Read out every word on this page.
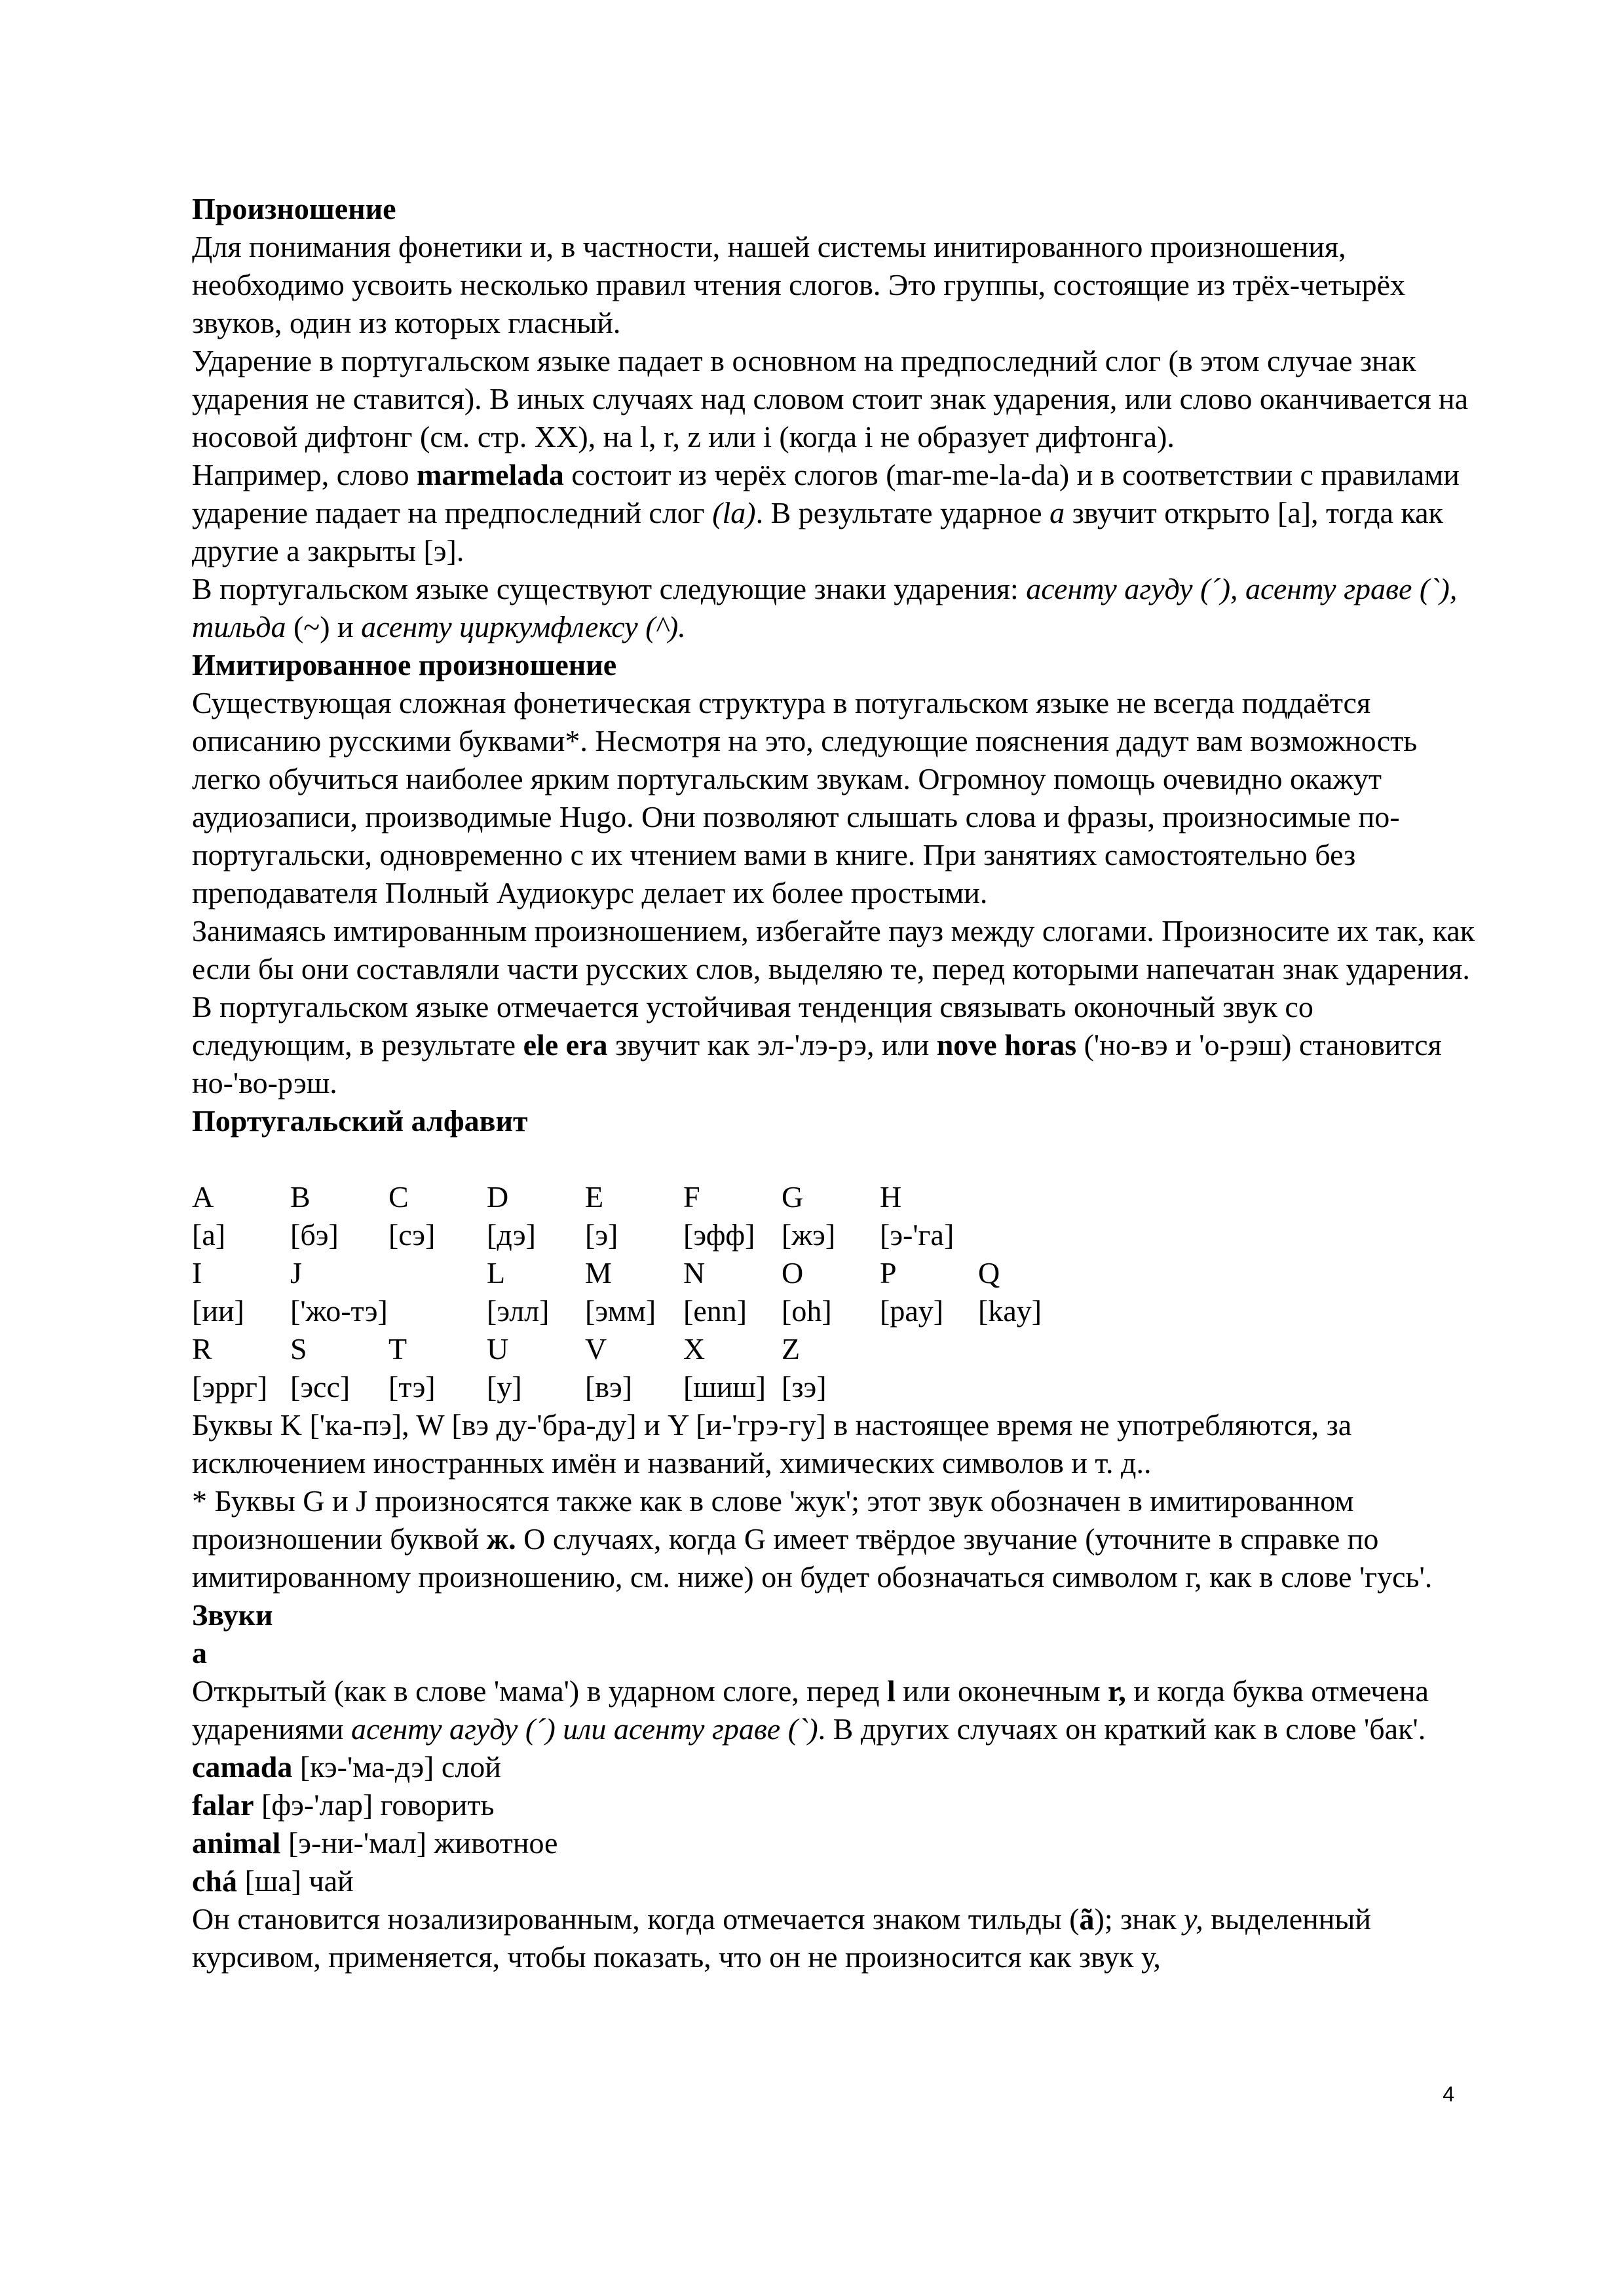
Произношение

Для понимания фонетики и, в частности, нашей системы инитированного произношения, необходимо усвоить несколько правил чтения слогов. Это группы, состоящие из трёх-четырёх звуков, один из которых гласный.

Ударение в португальском языке падает в основном на предпоследний слог (в этом случае знак ударения не ставится). В иных случаях над словом стоит знак ударения, или слово оканчивается на носовой дифтонг (см. стр. XX), на l, r, z или i (когда i не образует дифтонга).

Например, слово marmelada состоит из черёх слогов (mar-me-la-da) и в соответствии с правилами ударение падает на предпоследний слог (la). В результате ударное a звучит открыто [а], тогда как другие а закрыты [э].

В португальском языке существуют следующие знаки ударения: асенту агуду (´), асенту граве (`), тильда (~) и асенту циркумфлексу (^).

Имитированное произношение

Существующая сложная фонетическая структура в потугальском языке не всегда поддаётся описанию русскими буквами*. Несмотря на это, следующие пояснения дадут вам возможность легко обучиться наиболее ярким португальским звукам. Огромноу помощь очевидно окажут аудиозаписи, производимые Hugo. Они позволяют слышать слова и фразы, произносимые по-португальски, одновременно с их чтением вами в книге. При занятиях самостоятельно без преподавателя Полный Аудиокурс делает их более простыми.

Занимаясь имтированным произношением, избегайте пауз между слогами. Произносите их так, как если бы они составляли части русских слов, выделяю те, перед которыми напечатан знак ударения. В португальском языке отмечается устойчивая тенденция связывать оконочный звук со следующим, в результате ele era звучит как эл-'лэ-рэ, или nove horas ('но-вэ и 'о-рэш) становится но-'во-рэш.

Португальский алфавит

A	B	C	D	E	F	G	H	
[а]	[бэ]	[сэ]	[дэ]	[э]	[эфф]	[жэ]	[э-'га]	
I	J		L	M	N	O	P	Q
[ии]	['жо-тэ]		[элл]	[эмм]	[enn]	[oh]	[pay]	[kay]
R	S	T	U	V	X	Z		
[эррг]	[эсс]	[тэ]	[у]	[вэ]	[шиш]	[зэ]		

Буквы K ['ка-пэ], W [вэ ду-'бра-ду] и Y [и-'грэ-гу] в настоящее время не употребляются, за исключением иностранных имён и названий, химических символов и т. д..

* Буквы G и J произносятся также как в слове 'жук'; этот звук обозначен в имитированном произношении буквой ж. О случаях, когда G имеет твёрдое звучание (уточните в справке по имитированному произношению, см. ниже) он будет обозначаться символом г, как в слове 'гусь'.

Звуки

a

Открытый (как в слове 'мама') в ударном слоге, перед l или оконечным r, и когда буква отмечена ударениями асенту агуду (´) или асенту граве (`). В других случаях он краткий как в слове 'бак'.

camada [кэ-'ма-дэ] слой

falar [фэ-'лар] говорить

animal [э-ни-'мал] животное

chá [ша] чай

Он становится нозализированным, когда отмечается знаком тильды (ã); знак у, выделенный курсивом, применяется, чтобы показать, что он не произносится как звук у,

4
